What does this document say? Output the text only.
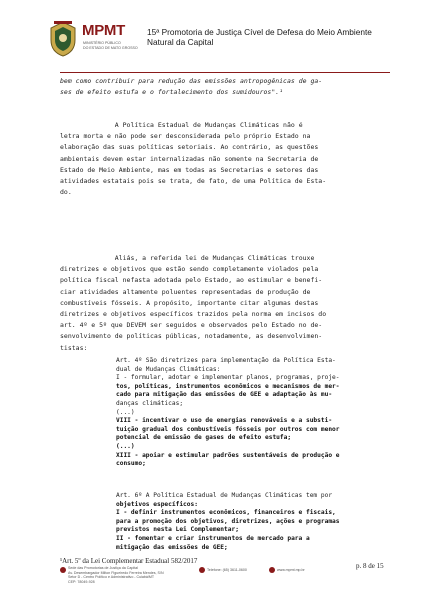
MPMT
MINISTÉRIO PÚBLICO
DO ESTADO DE MATO GROSSO
15ª Promotoria de Justiça Cível de Defesa do Meio Ambiente Natural da Capital
bem como contribuir para redução das emissões antropogênicas de ga-
ses de efeito estufa e o fortalecimento dos sumidouros".¹
A Política Estadual de Mudanças Climáticas não é
letra morta e não pode ser desconsiderada pelo próprio Estado na
elaboração das suas políticas setoriais. Ao contrário, as questões
ambientais devem estar internalizadas não somente na Secretaria de
Estado de Meio Ambiente, mas em todas as Secretarias e setores das
atividades estatais pois se trata, de fato, de uma Política de Esta-
do.
Aliás, a referida lei de Mudanças Climáticas trouxe
diretrizes e objetivos que estão sendo completamente violados pela
política fiscal nefasta adotada pelo Estado, ao estimular e benefi-
ciar atividades altamente poluentes representadas de produção de
combustíveis fósseis. A propósito, importante citar algumas destas
diretrizes e objetivos específicos trazidos pela norma em incisos do
art. 4º e 5º que DEVEM ser seguidos e observados pelo Estado no de-
senvolvimento de políticas públicas, notadamente, as desenvolvimen-
tistas:
Art. 4º São diretrizes para implementação da Política Esta-
dual de Mudanças Climáticas:
I - formular, adotar e implementar planos, programas, proje-
tos, políticas, instrumentos econômicos e mecanismos de mer-
cado para mitigação das emissões de GEE e adaptação às mu-
danças climáticas;
(...)
VIII - incentivar o uso de energias renováveis e a substi-
tuição gradual dos combustíveis fósseis por outros com menor
potencial de emissão de gases de efeito estufa;
(...)
XIII - apoiar e estimular padrões sustentáveis de produção e
consumo;
Art. 6º A Política Estadual de Mudanças Climáticas tem por
objetivos específicos:
I - definir instrumentos econômicos, financeiros e fiscais,
para a promoção dos objetivos, diretrizes, ações e programas
previstos nesta Lei Complementar;
II - fomentar e criar instrumentos de mercado para a
mitigação das emissões de GEE;
¹Art. 5º da Lei Complementar Estadual 582/2017
p. 8 de 15
Sede das Promotorias de Justiça da Capital
Av. Desembargador Milton Figueiredo Ferreira Mendes, S/N
Setor D - Centro Político e Administrativo - Cuiabá/MT
CEP: 78049-928
Telefone: (65) 3611-0600	www.mpmt.mp.br
